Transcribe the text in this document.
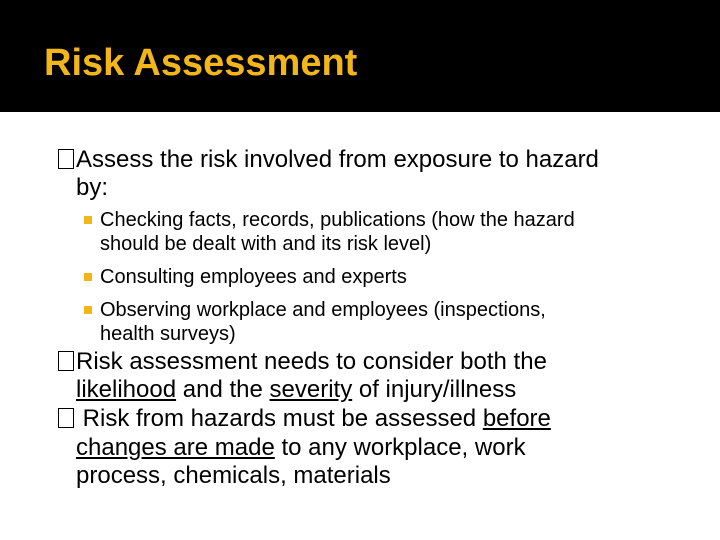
Risk Assessment
Assess the risk involved from exposure to hazard
by:
Checking facts, records, publications (how the hazard
should be dealt with and its risk level)
Consulting employees and experts
Observing workplace and employees (inspections,
health surveys)
Risk assessment needs to consider both the
likelihood and the severity of injury/illness
Risk from hazards must be assessed before
changes are made to any workplace, work
process, chemicals, materials
